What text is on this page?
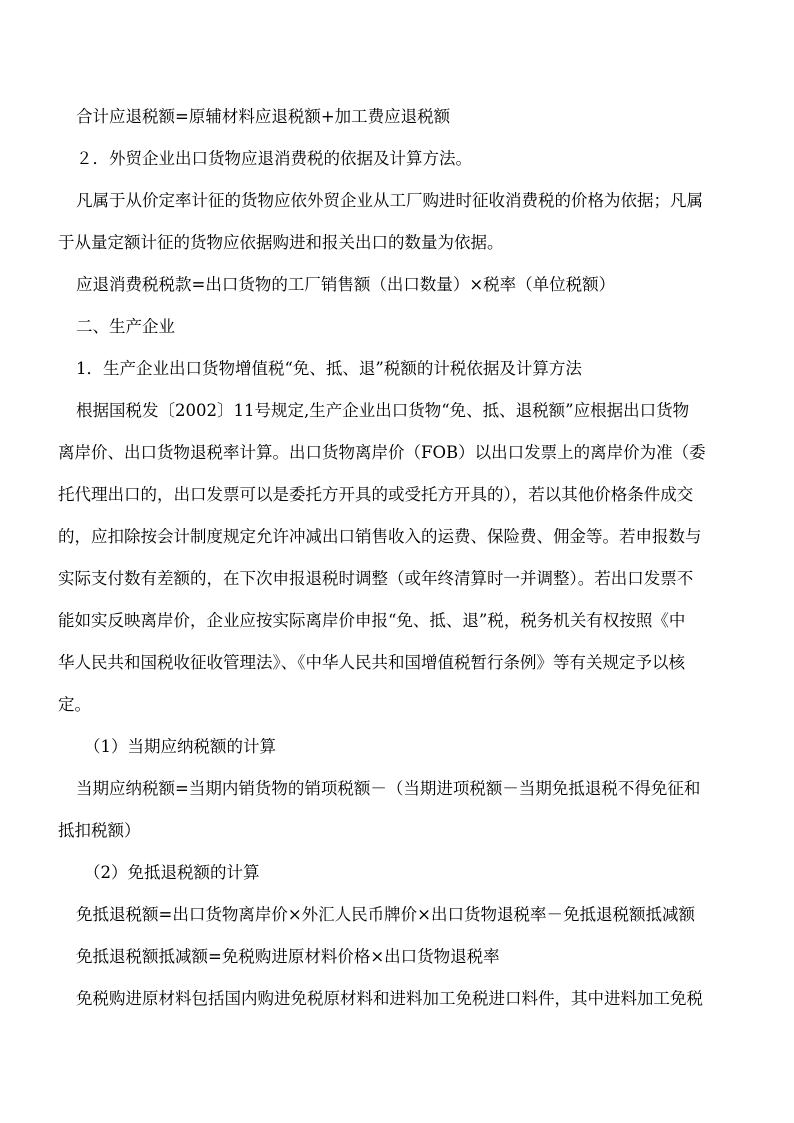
合计应退税额=原辅材料应退税额+加工费应退税额
２．外贸企业出口货物应退消费税的依据及计算方法。
凡属于从价定率计征的货物应依外贸企业从工厂购进时征收消费税的价格为依据；凡属
于从量定额计征的货物应依据购进和报关出口的数量为依据。
应退消费税税款=出口货物的工厂销售额（出口数量）×税率（单位税额）
二、生产企业
1．生产企业出口货物增值税“免、抵、退”税额的计税依据及计算方法
根据国税发〔2002〕11号规定,生产企业出口货物“免、抵、退税额”应根据出口货物
离岸价、出口货物退税率计算。出口货物离岸价（FOB）以出口发票上的离岸价为准（委
托代理出口的，出口发票可以是委托方开具的或受托方开具的），若以其他价格条件成交
的，应扣除按会计制度规定允许冲减出口销售收入的运费、保险费、佣金等。若申报数与
实际支付数有差额的，在下次申报退税时调整（或年终清算时一并调整）。若出口发票不
能如实反映离岸价，企业应按实际离岸价申报“免、抵、退”税，税务机关有权按照《中
华人民共和国税收征收管理法》、《中华人民共和国增值税暂行条例》等有关规定予以核
定。
（1）当期应纳税额的计算
当期应纳税额=当期内销货物的销项税额－（当期进项税额－当期免抵退税不得免征和
抵扣税额）
（2）免抵退税额的计算
免抵退税额=出口货物离岸价×外汇人民币牌价×出口货物退税率－免抵退税额抵减额
免抵退税额抵减额=免税购进原材料价格×出口货物退税率
免税购进原材料包括国内购进免税原材料和进料加工免税进口料件，其中进料加工免税
